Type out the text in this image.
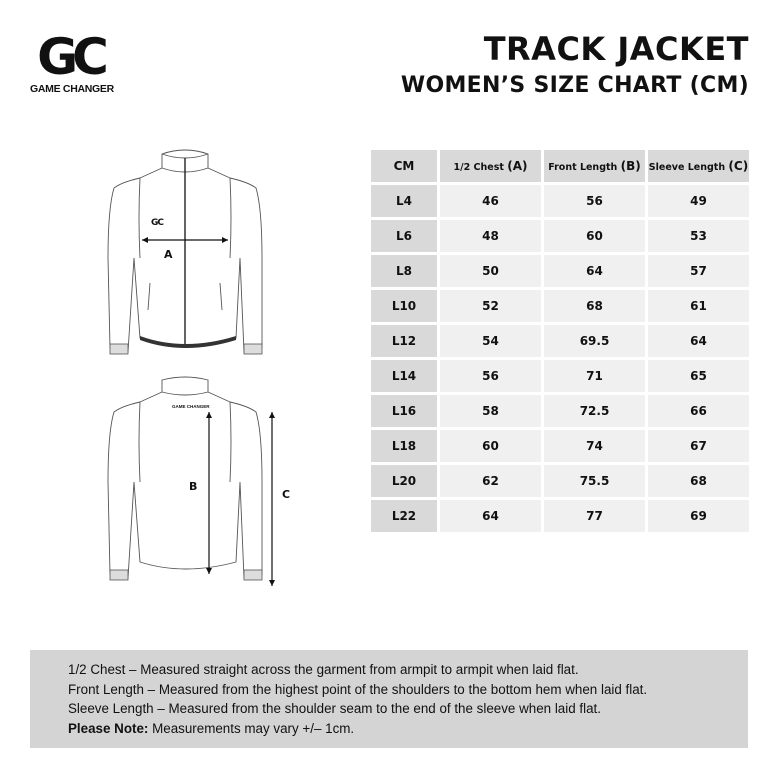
GC
GAME CHANGER
TRACK JACKET
WOMEN’S SIZE CHART (CM)
GC
A
GAME CHANGER
B
C
CM	1/2 Chest (A)	Front Length (B)	Sleeve Length (C)
L4	46	56	49
L6	48	60	53
L8	50	64	57
L10	52	68	61
L12	54	69.5	64
L14	56	71	65
L16	58	72.5	66
L18	60	74	67
L20	62	75.5	68
L22	64	77	69

1/2 Chest – Measured straight across the garment from armpit to armpit when laid flat.

Front Length – Measured from the highest point of the shoulders to the bottom hem when laid flat.

Sleeve Length – Measured from the shoulder seam to the end of the sleeve when laid flat.

Please Note: Measurements may vary +/– 1cm.
